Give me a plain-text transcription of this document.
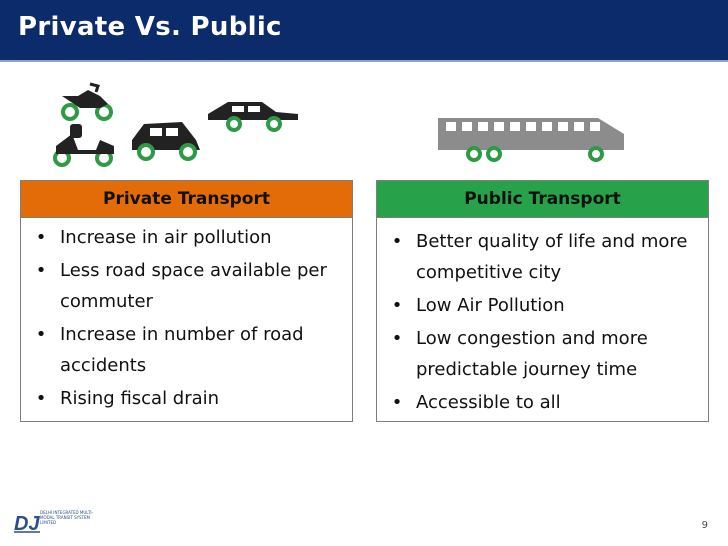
Private Vs. Public
Private Transport
• Increase in air pollution
• Less road space available per commuter
• Increase in number of road accidents
• Rising fiscal drain
Public Transport
• Better quality of life and more competitive city
• Low Air Pollution
• Low congestion and more predictable journey time
• Accessible to all
DJ
DELHI INTEGRATED MULTI-MODAL TRANSIT SYSTEM LIMITED	9
